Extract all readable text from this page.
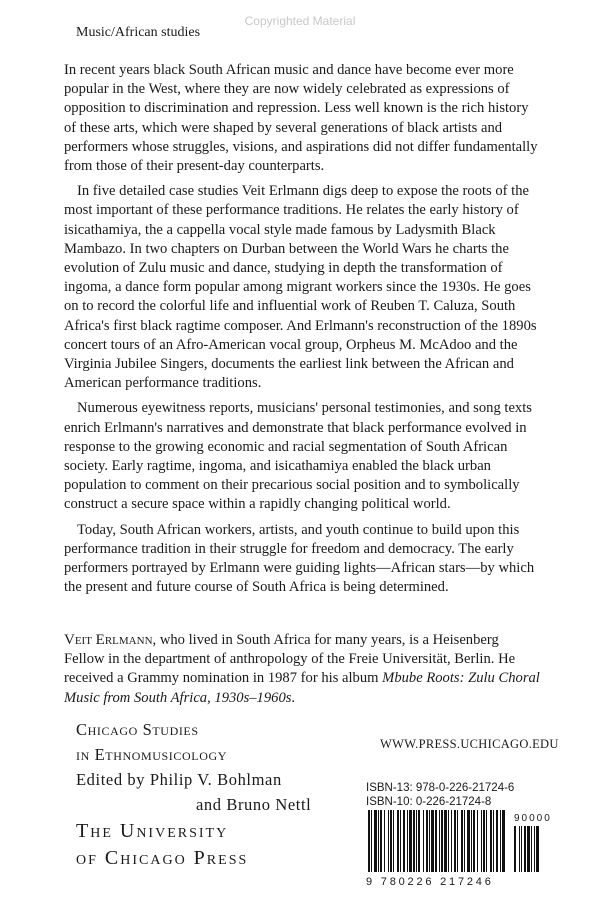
Copyrighted Material
Music/African studies

In recent years black South African music and dance have become ever more popular in the West, where they are now widely celebrated as expressions of opposition to discrimination and repression. Less well known is the rich history of these arts, which were shaped by several generations of black artists and performers whose struggles, visions, and aspirations did not differ fundamentally from those of their present-day counterparts.

In five detailed case studies Veit Erlmann digs deep to expose the roots of the most important of these performance traditions. He relates the early history of isicathamiya, the a cappella vocal style made famous by Ladysmith Black Mambazo. In two chapters on Durban between the World Wars he charts the evolution of Zulu music and dance, studying in depth the transformation of ingoma, a dance form popular among migrant workers since the 1930s. He goes on to record the colorful life and influential work of Reuben T. Caluza, South Africa's first black ragtime composer. And Erlmann's reconstruction of the 1890s concert tours of an Afro-American vocal group, Orpheus M. McAdoo and the Virginia Jubilee Singers, documents the earliest link between the African and American performance traditions.

Numerous eyewitness reports, musicians' personal testimonies, and song texts enrich Erlmann's narratives and demonstrate that black performance evolved in response to the growing economic and racial segmentation of South African society. Early ragtime, ingoma, and isicathamiya enabled the black urban population to comment on their precarious social position and to symbolically construct a secure space within a rapidly changing political world.

Today, South African workers, artists, and youth continue to build upon this performance tradition in their struggle for freedom and democracy. The early performers portrayed by Erlmann were guiding lights—African stars—by which the present and future course of South Africa is being determined.

Veit Erlmann, who lived in South Africa for many years, is a Heisenberg Fellow in the department of anthropology of the Freie Universität, Berlin. He received a Grammy nomination in 1987 for his album Mbube Roots: Zulu Choral Music from South Africa, 1930s–1960s.
Chicago Studies
in Ethnomusicology
Edited by Philip V. Bohlman
and Bruno Nettl
The University
of Chicago Press
WWW.PRESS.UCHICAGO.EDU
ISBN-13: 978-0-226-21724-6
ISBN-10: 0-226-21724-8
9 780226 217246
90000
